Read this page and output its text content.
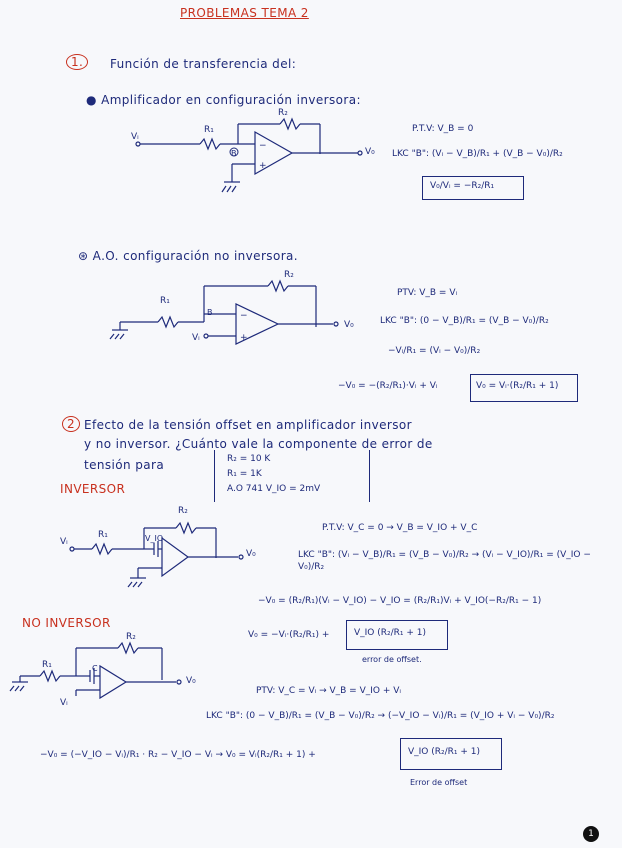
PROBLEMAS TEMA 2
1.	Función de transferencia del:
● Amplificador en configuración inversora:
−
+
Vᵢ
R₁
R₂
V₀
B
P.T.V: V_B = 0
LKC "B": (Vᵢ − V_B)/R₁ + (V_B − V₀)/R₂
V₀/Vᵢ = −R₂/R₁
⊛ A.O. configuración no inversora.
−
+
R₁
R₂
Vᵢ
B
V₀
PTV: V_B = Vᵢ
LKC "B": (0 − V_B)/R₁ = (V_B − V₀)/R₂
−Vᵢ/R₁ = (Vᵢ − V₀)/R₂
−V₀ = −(R₂/R₁)·Vᵢ + Vᵢ	V₀ = Vᵢ·(R₂/R₁ + 1)
2 Efecto de la tensión offset en amplificador inversor
y no inversor. ¿Cuánto vale la componente de error de
tensión para	R₂ = 10 K
R₁ = 1K
A.O 741 V_IO = 2mV
INVERSOR
Vᵢ
R₁
R₂
V_IO
V₀
P.T.V: V_C = 0 → V_B = V_IO + V_C
LKC "B": (Vᵢ − V_B)/R₁ = (V_B − V₀)/R₂ → (Vᵢ − V_IO)/R₁ = (V_IO − V₀)/R₂
−V₀ = (R₂/R₁)(Vᵢ − V_IO) − V_IO = (R₂/R₁)Vᵢ + V_IO(−R₂/R₁ − 1)
V₀ = −Vᵢ·(R₂/R₁) +	V_IO (R₂/R₁ + 1)
error de offset.
NO INVERSOR
R₁
R₂
C
Vᵢ
V₀
PTV: V_C = Vᵢ → V_B = V_IO + Vᵢ
LKC "B": (0 − V_B)/R₁ = (V_B − V₀)/R₂ → (−V_IO − Vᵢ)/R₁ = (V_IO + Vᵢ − V₀)/R₂
−V₀ = (−V_IO − Vᵢ)/R₁ · R₂ − V_IO − Vᵢ → V₀ = Vᵢ(R₂/R₁ + 1) +	V_IO (R₂/R₁ + 1)
Error de offset
1
